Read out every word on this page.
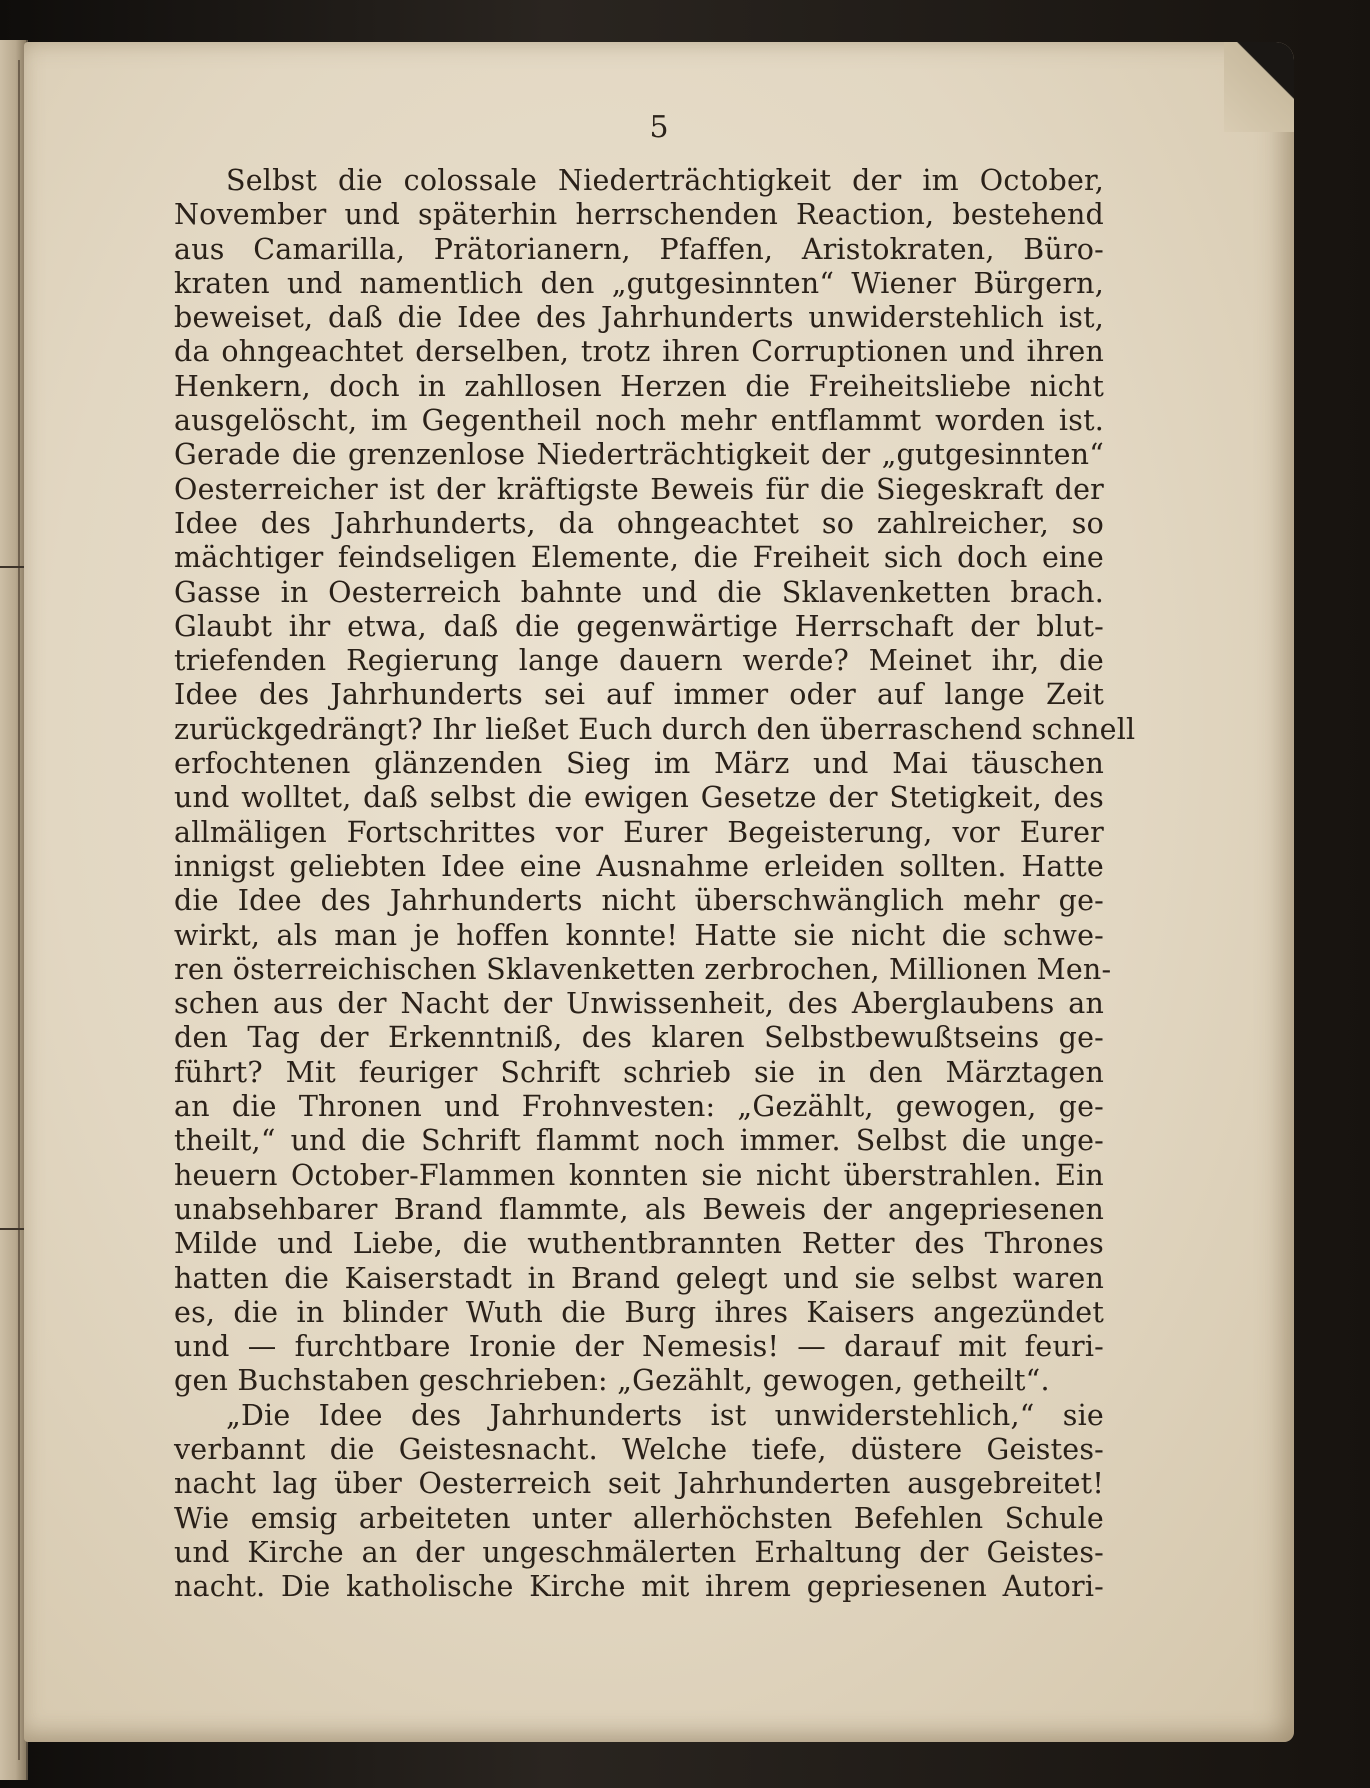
5
Selbst die colossale Niederträchtigkeit der im October,
November und späterhin herrschenden Reaction, bestehend
aus Camarilla, Prätorianern, Pfaffen, Aristokraten, Büro-
kraten und namentlich den „gutgesinnten“ Wiener Bürgern,
beweiset, daß die Idee des Jahrhunderts unwiderstehlich ist,
da ohngeachtet derselben, trotz ihren Corruptionen und ihren
Henkern, doch in zahllosen Herzen die Freiheitsliebe nicht
ausgelöscht, im Gegentheil noch mehr entflammt worden ist.
Gerade die grenzenlose Niederträchtigkeit der „gutgesinnten“
Oesterreicher ist der kräftigste Beweis für die Siegeskraft der
Idee des Jahrhunderts, da ohngeachtet so zahlreicher, so
mächtiger feindseligen Elemente, die Freiheit sich doch eine
Gasse in Oesterreich bahnte und die Sklavenketten brach.
Glaubt ihr etwa, daß die gegenwärtige Herrschaft der blut-
triefenden Regierung lange dauern werde? Meinet ihr, die
Idee des Jahrhunderts sei auf immer oder auf lange Zeit
zurückgedrängt? Ihr ließet Euch durch den überraschend schnell
erfochtenen glänzenden Sieg im März und Mai täuschen
und wolltet, daß selbst die ewigen Gesetze der Stetigkeit, des
allmäligen Fortschrittes vor Eurer Begeisterung, vor Eurer
innigst geliebten Idee eine Ausnahme erleiden sollten. Hatte
die Idee des Jahrhunderts nicht überschwänglich mehr ge-
wirkt, als man je hoffen konnte! Hatte sie nicht die schwe-
ren österreichischen Sklavenketten zerbrochen, Millionen Men-
schen aus der Nacht der Unwissenheit, des Aberglaubens an
den Tag der Erkenntniß, des klaren Selbstbewußtseins ge-
führt? Mit feuriger Schrift schrieb sie in den Märztagen
an die Thronen und Frohnvesten: „Gezählt, gewogen, ge-
theilt,“ und die Schrift flammt noch immer. Selbst die unge-
heuern October-Flammen konnten sie nicht überstrahlen. Ein
unabsehbarer Brand flammte, als Beweis der angepriesenen
Milde und Liebe, die wuthentbrannten Retter des Thrones
hatten die Kaiserstadt in Brand gelegt und sie selbst waren
es, die in blinder Wuth die Burg ihres Kaisers angezündet
und — furchtbare Ironie der Nemesis! — darauf mit feuri-
gen Buchstaben geschrieben: „Gezählt, gewogen, getheilt“.
„Die Idee des Jahrhunderts ist unwiderstehlich,“ sie
verbannt die Geistesnacht. Welche tiefe, düstere Geistes-
nacht lag über Oesterreich seit Jahrhunderten ausgebreitet!
Wie emsig arbeiteten unter allerhöchsten Befehlen Schule
und Kirche an der ungeschmälerten Erhaltung der Geistes-
nacht. Die katholische Kirche mit ihrem gepriesenen Autori-
